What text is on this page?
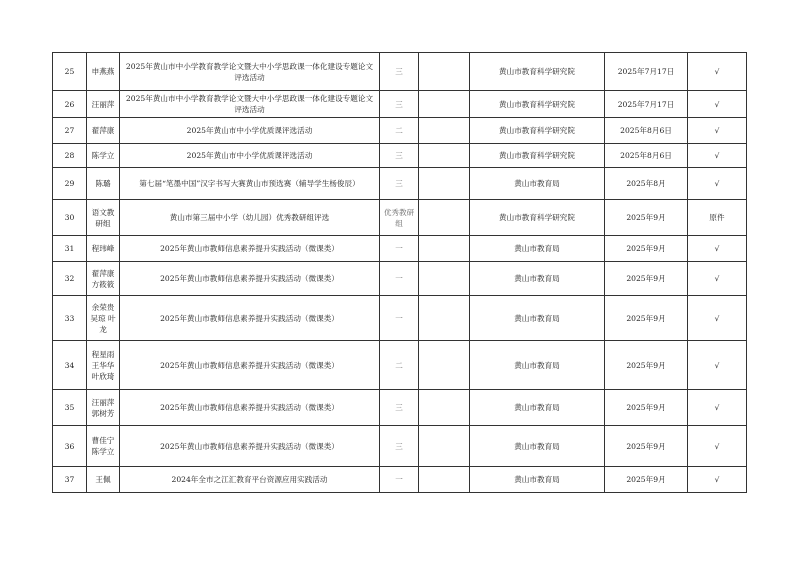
25	申燕燕	2025年黄山市中小学教育教学论文暨大中小学思政课一体化建设专题论文评选活动	三		黄山市教育科学研究院	2025年7月17日	√
26	汪丽萍	2025年黄山市中小学教育教学论文暨大中小学思政课一体化建设专题论文评选活动	三		黄山市教育科学研究院	2025年7月17日	√
27	翟萍康	2025年黄山市中小学优质课评选活动	二		黄山市教育科学研究院	2025年8月6日	√
28	陈学立	2025年黄山市中小学优质课评选活动	三		黄山市教育科学研究院	2025年8月6日	√
29	陈璐	第七届“笔墨中国”汉字书写大赛黄山市预选赛（辅导学生杨俊辰）	三		黄山市教育局	2025年8月	√
30	语文教研组	黄山市第三届中小学（幼儿园）优秀教研组评选	优秀教研组		黄山市教育科学研究院	2025年9月	原件
31	程玮峰	2025年黄山市教师信息素养提升实践活动（微课类）	一		黄山市教育局	2025年9月	√
32	翟萍康 方筱筱	2025年黄山市教师信息素养提升实践活动（微课类）	一		黄山市教育局	2025年9月	√
33	余荣贵 吴琼 叶龙	2025年黄山市教师信息素养提升实践活动（微课类）	一		黄山市教育局	2025年9月	√
34	程星雨 王华华 叶欣琦	2025年黄山市教师信息素养提升实践活动（微课类）	二		黄山市教育局	2025年9月	√
35	汪丽萍 郭树芳	2025年黄山市教师信息素养提升实践活动（微课类）	三		黄山市教育局	2025年9月	√
36	曹佳宁 陈学立	2025年黄山市教师信息素养提升实践活动（微课类）	三		黄山市教育局	2025年9月	√
37	王佩	2024年全市之江汇教育平台资源应用实践活动	一		黄山市教育局	2025年9月	√
